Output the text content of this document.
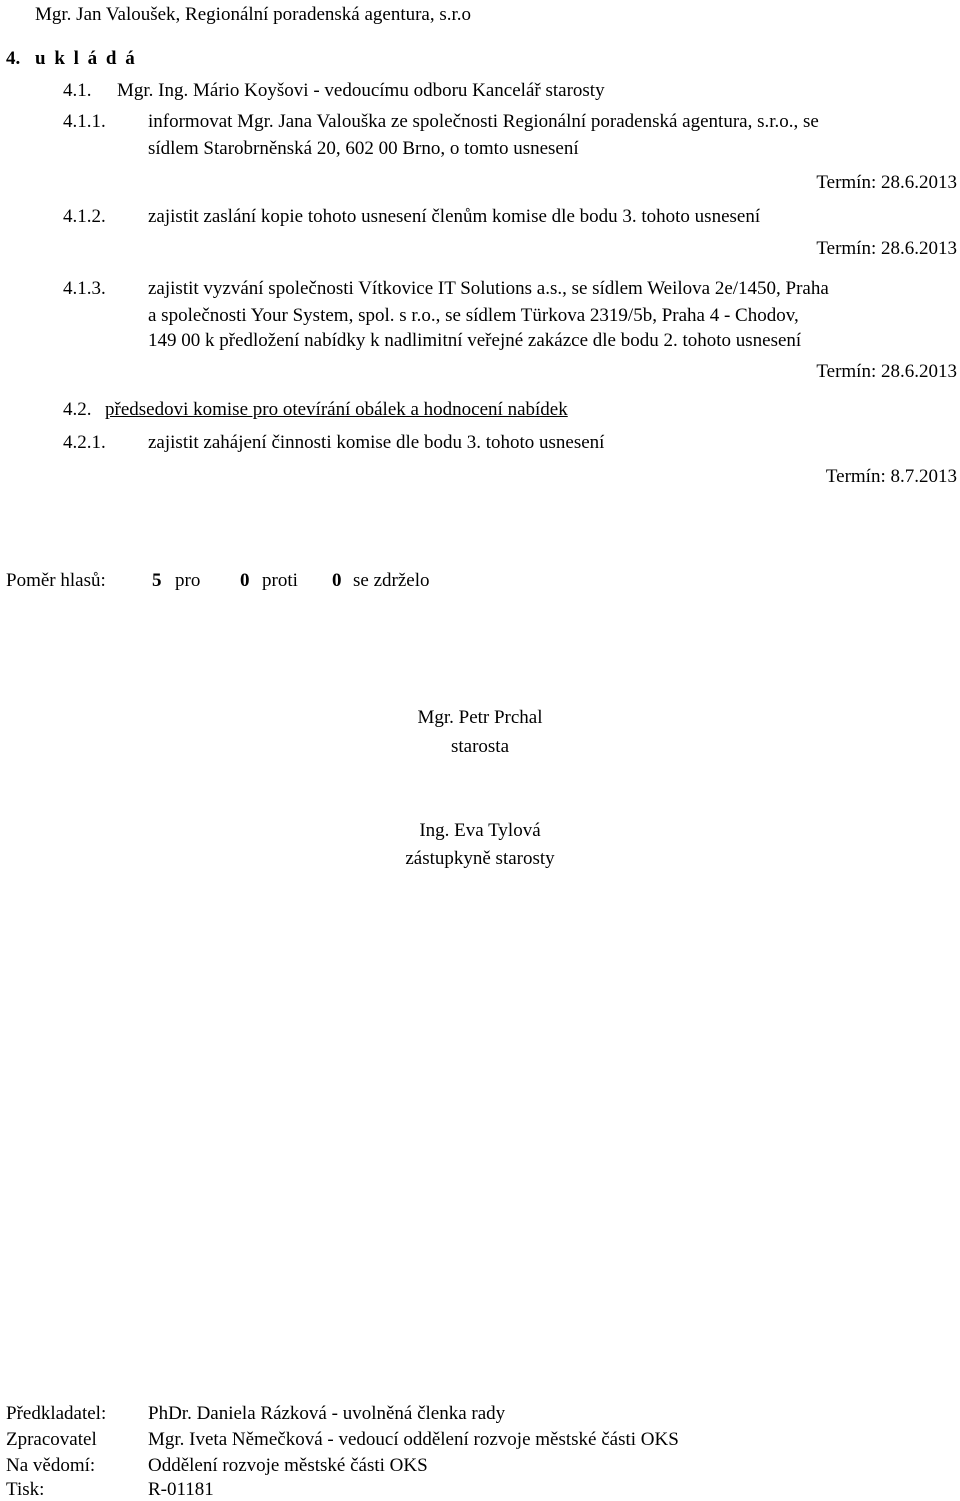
Mgr. Jan Valoušek, Regionální poradenská agentura, s.r.o
4. u k l á d á
4.1. Mgr. Ing. Mário Koyšovi - vedoucímu odboru Kancelář starosty
4.1.1. informovat Mgr. Jana Valouška ze společnosti Regionální poradenská agentura, s.r.o., se
sídlem Starobrněnská 20, 602 00 Brno, o tomto usnesení
Termín: 28.6.2013
4.1.2. zajistit zaslání kopie tohoto usnesení členům komise dle bodu 3. tohoto usnesení
Termín: 28.6.2013
4.1.3. zajistit vyzvání společnosti Vítkovice IT Solutions a.s., se sídlem Weilova 2e/1450, Praha
a společnosti Your System, spol. s r.o., se sídlem Türkova 2319/5b, Praha 4 - Chodov,
149 00 k předložení nabídky k nadlimitní veřejné zakázce dle bodu 2. tohoto usnesení
Termín: 28.6.2013
4.2. předsedovi komise pro otevírání obálek a hodnocení nabídek
4.2.1. zajistit zahájení činnosti komise dle bodu 3. tohoto usnesení
Termín: 8.7.2013
Poměr hlasů: 5 pro 0 proti 0 se zdrželo
Mgr. Petr Prchal
starosta
Ing. Eva Tylová
zástupkyně starosty
Předkladatel: PhDr. Daniela Rázková - uvolněná členka rady
Zpracovatel	Mgr. Iveta Němečková - vedoucí oddělení rozvoje městské části OKS
Na vědomí:	Oddělení rozvoje městské části OKS
Tisk:	R-01181
